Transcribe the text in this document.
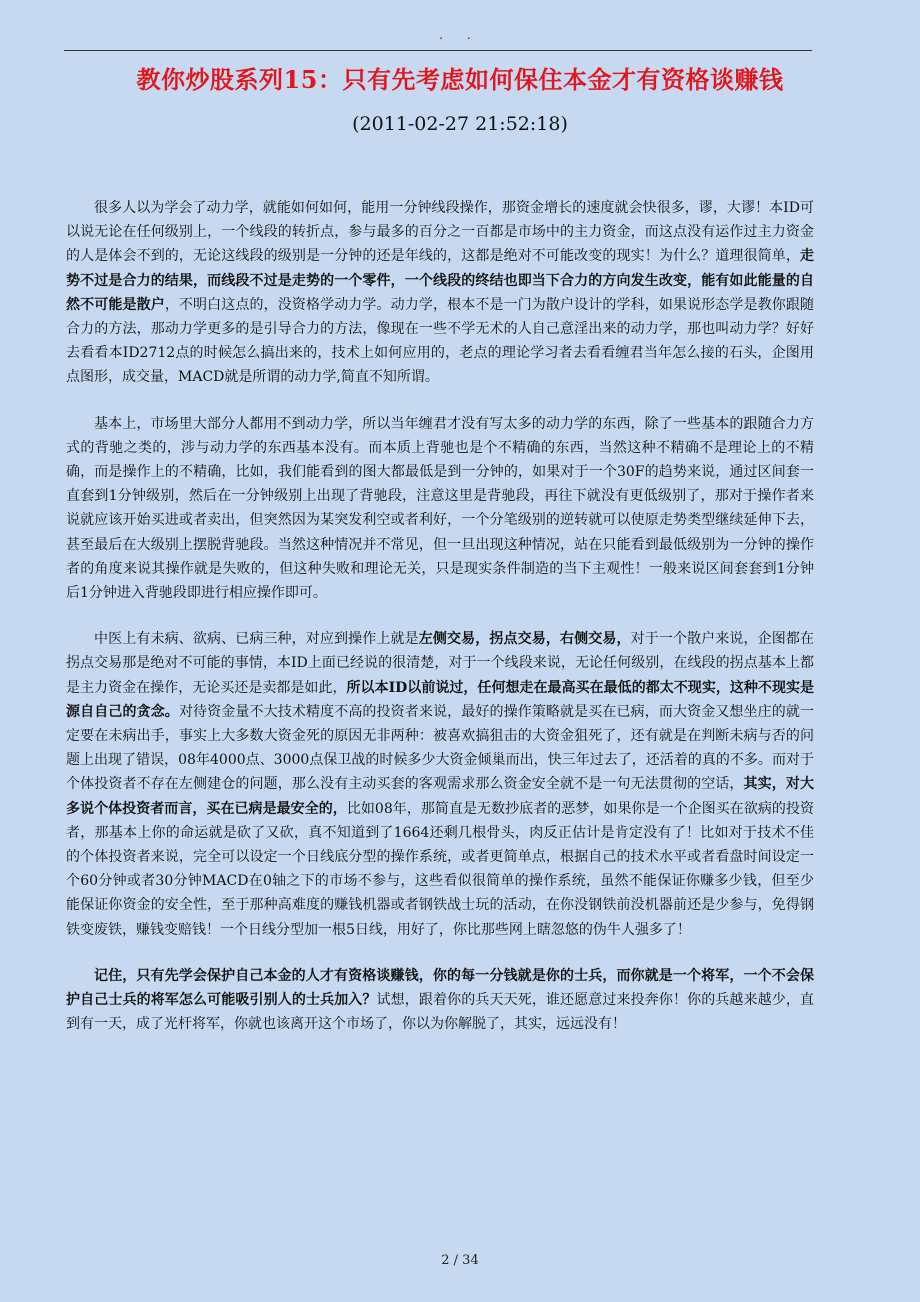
. .
教你炒股系列15：只有先考虑如何保住本金才有资格谈赚钱
(2011-02-27 21:52:18)

很多人以为学会了动力学，就能如何如何，能用一分钟线段操作，那资金增长的速度就会快很多，谬，大谬！本ID可以说无论在任何级别上，一个线段的转折点，参与最多的百分之一百都是市场中的主力资金，而这点没有运作过主力资金的人是体会不到的，无论这线段的级别是一分钟的还是年线的，这都是绝对不可能改变的现实！为什么？道理很简单，走势不过是合力的结果，而线段不过是走势的一个零件，一个线段的终结也即当下合力的方向发生改变，能有如此能量的自然不可能是散户，不明白这点的，没资格学动力学。动力学，根本不是一门为散户设计的学科，如果说形态学是教你跟随合力的方法，那动力学更多的是引导合力的方法，像现在一些不学无术的人自己意淫出来的动力学，那也叫动力学？好好去看看本ID2712点的时候怎么搞出来的，技术上如何应用的，老点的理论学习者去看看缠君当年怎么接的石头，企图用点图形，成交量，MACD就是所谓的动力学,简直不知所谓。

基本上，市场里大部分人都用不到动力学，所以当年缠君才没有写太多的动力学的东西，除了一些基本的跟随合力方式的背驰之类的，涉与动力学的东西基本没有。而本质上背驰也是个不精确的东西，当然这种不精确不是理论上的不精确，而是操作上的不精确，比如，我们能看到的图大都最低是到一分钟的，如果对于一个30F的趋势来说，通过区间套一直套到1分钟级别，然后在一分钟级别上出现了背驰段，注意这里是背驰段，再往下就没有更低级别了，那对于操作者来说就应该开始买进或者卖出，但突然因为某突发利空或者利好，一个分笔级别的逆转就可以使原走势类型继续延伸下去，甚至最后在大级别上摆脱背驰段。当然这种情况并不常见，但一旦出现这种情况，站在只能看到最低级别为一分钟的操作者的角度来说其操作就是失败的，但这种失败和理论无关，只是现实条件制造的当下主观性！一般来说区间套套到1分钟后1分钟进入背驰段即进行相应操作即可。

中医上有未病、欲病、已病三种，对应到操作上就是左侧交易，拐点交易，右侧交易，对于一个散户来说，企图都在拐点交易那是绝对不可能的事情，本ID上面已经说的很清楚，对于一个线段来说，无论任何级别，在线段的拐点基本上都是主力资金在操作，无论买还是卖都是如此，所以本ID以前说过，任何想走在最高买在最低的都太不现实，这种不现实是源自自己的贪念。对待资金量不大技术精度不高的投资者来说，最好的操作策略就是买在已病，而大资金又想坐庄的就一定要在未病出手，事实上大多数大资金死的原因无非两种：被喜欢搞狙击的大资金狙死了，还有就是在判断未病与否的问题上出现了错误，08年4000点、3000点保卫战的时候多少大资金倾巢而出，快三年过去了，还活着的真的不多。而对于个体投资者不存在左侧建仓的问题，那么没有主动买套的客观需求那么资金安全就不是一句无法贯彻的空话，其实，对大多说个体投资者而言，买在已病是最安全的，比如08年，那简直是无数抄底者的恶梦，如果你是一个企图买在欲病的投资者，那基本上你的命运就是砍了又砍，真不知道到了1664还剩几根骨头，肉反正估计是肯定没有了！比如对于技术不佳的个体投资者来说，完全可以设定一个日线底分型的操作系统，或者更简单点，根据自己的技术水平或者看盘时间设定一个60分钟或者30分钟MACD在0轴之下的市场不参与，这些看似很简单的操作系统，虽然不能保证你赚多少钱，但至少能保证你资金的安全性，至于那种高难度的赚钱机器或者钢铁战士玩的活动，在你没钢铁前没机器前还是少参与，免得钢铁变废铁，赚钱变赔钱！一个日线分型加一根5日线，用好了，你比那些网上瞎忽悠的伪牛人强多了！

记住，只有先学会保护自己本金的人才有资格谈赚钱，你的每一分钱就是你的士兵，而你就是一个将军，一个不会保护自己士兵的将军怎么可能吸引别人的士兵加入？试想，跟着你的兵天天死，谁还愿意过来投奔你！你的兵越来越少，直到有一天，成了光杆将军，你就也该离开这个市场了，你以为你解脱了，其实，远远没有！

2 / 34
